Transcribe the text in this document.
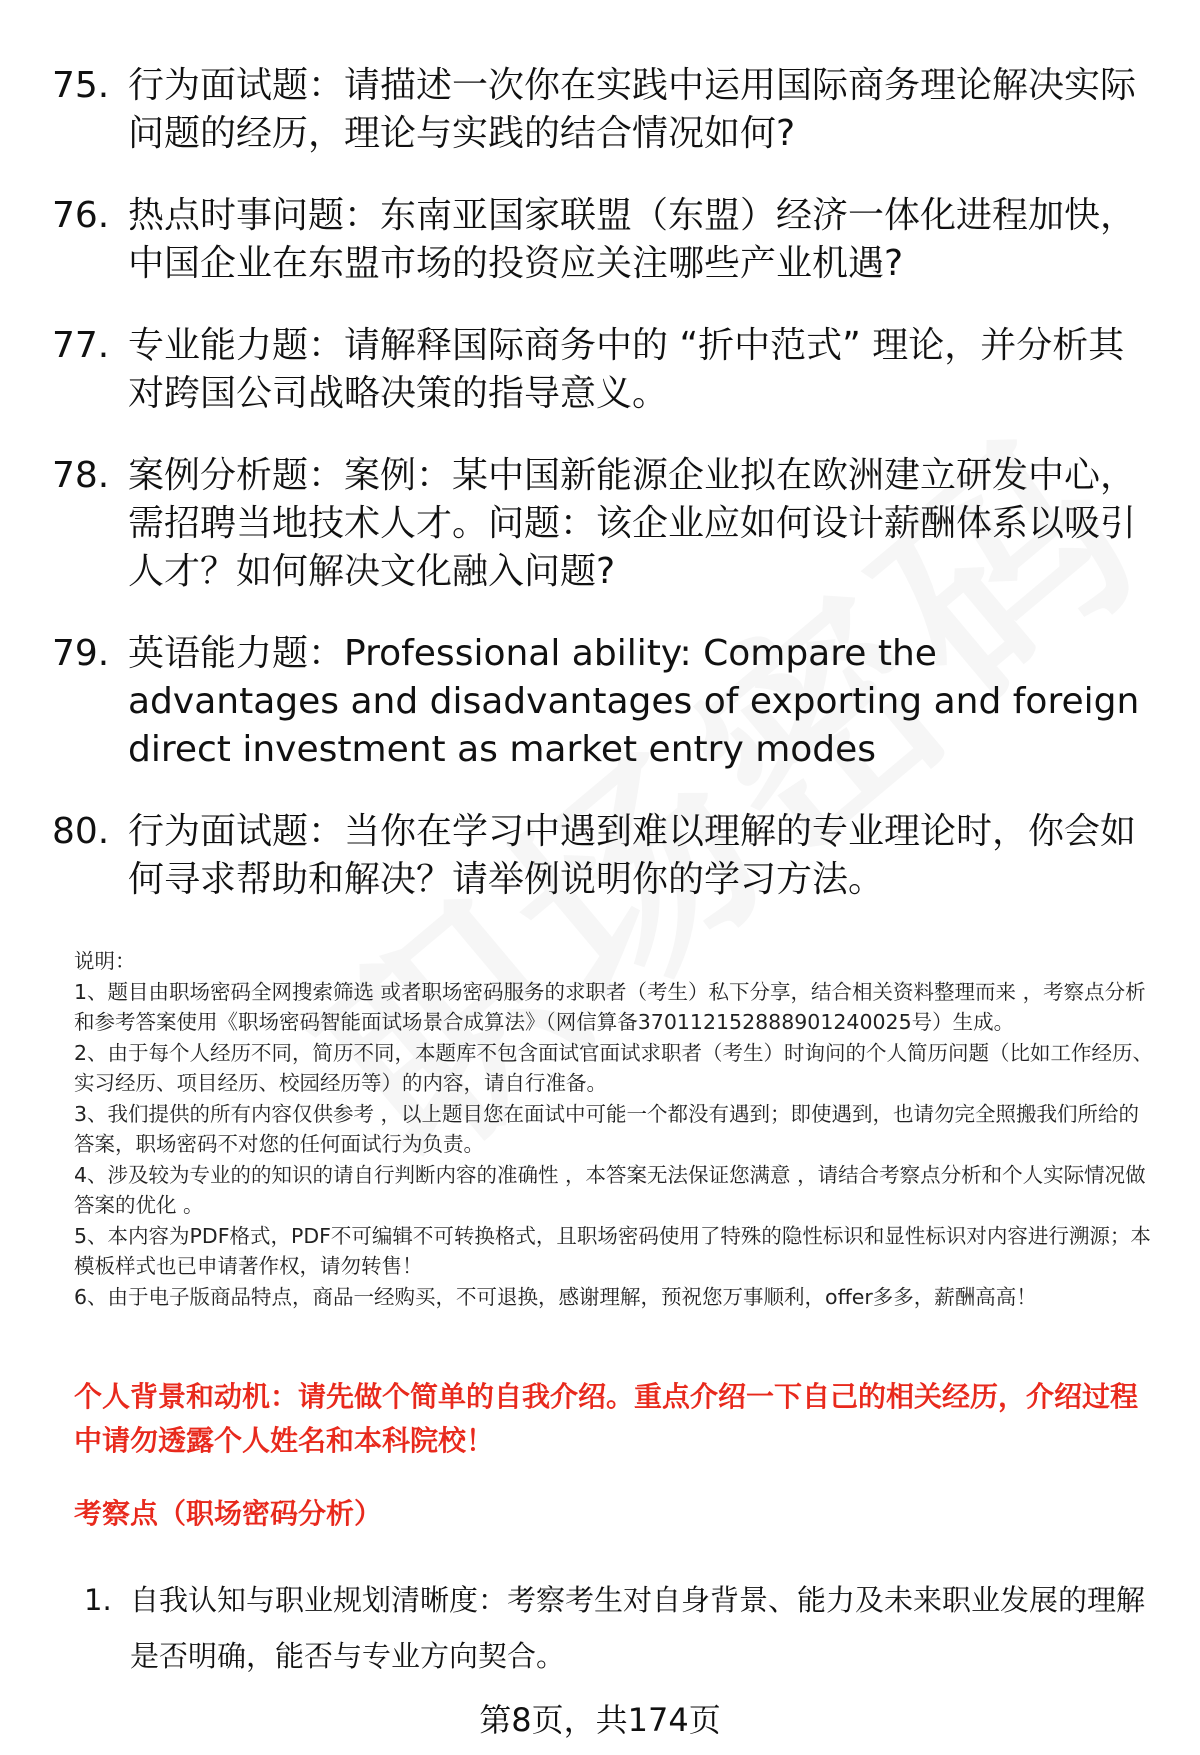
75. 行为面试题：请描述一次你在实践中运用国际商务理论解决实际问题的经历，理论与实践的结合情况如何?
76. 热点时事问题：东南亚国家联盟（东盟）经济一体化进程加快，中国企业在东盟市场的投资应关注哪些产业机遇?
77. 专业能力题：请解释国际商务中的 “折中范式” 理论，并分析其对跨国公司战略决策的指导意义。
78. 案例分析题：案例：某中国新能源企业拟在欧洲建立研发中心，需招聘当地技术人才。问题：该企业应如何设计薪酬体系以吸引人才？如何解决文化融入问题?
79. 英语能力题：Professional ability: Compare the advantages and disadvantages of exporting and foreign direct investment as market entry modes
80. 行为面试题：当你在学习中遇到难以理解的专业理论时，你会如何寻求帮助和解决？请举例说明你的学习方法。

说明：

1、题目由职场密码全网搜索筛选 或者职场密码服务的求职者（考生）私下分享，结合相关资料整理而来 ，考察点分析和参考答案使用《职场密码智能面试场景合成算法》（网信算备370112152888901240025号）生成。

2、由于每个人经历不同，简历不同，本题库不包含面试官面试求职者（考生）时询问的个人简历问题（比如工作经历、实习经历、项目经历、校园经历等）的内容，请自行准备。

3、我们提供的所有内容仅供参考 ，以上题目您在面试中可能一个都没有遇到；即使遇到，也请勿完全照搬我们所给的答案，职场密码不对您的任何面试行为负责。

4、涉及较为专业的的知识的请自行判断内容的准确性 ，本答案无法保证您满意 ，请结合考察点分析和个人实际情况做答案的优化 。

5、本内容为PDF格式，PDF不可编辑不可转换格式，且职场密码使用了特殊的隐性标识和显性标识对内容进行溯源；本模板样式也已申请著作权，请勿转售！

6、由于电子版商品特点，商品一经购买，不可退换，感谢理解，预祝您万事顺利，offer多多，薪酬高高！

个人背景和动机：请先做个简单的自我介绍。重点介绍一下自己的相关经历，介绍过程中请勿透露个人姓名和本科院校！
考察点（职场密码分析）
1. 自我认知与职业规划清晰度：考察考生对自身背景、能力及未来职业发展的理解是否明确，能否与专业方向契合。
第8页，共174页
